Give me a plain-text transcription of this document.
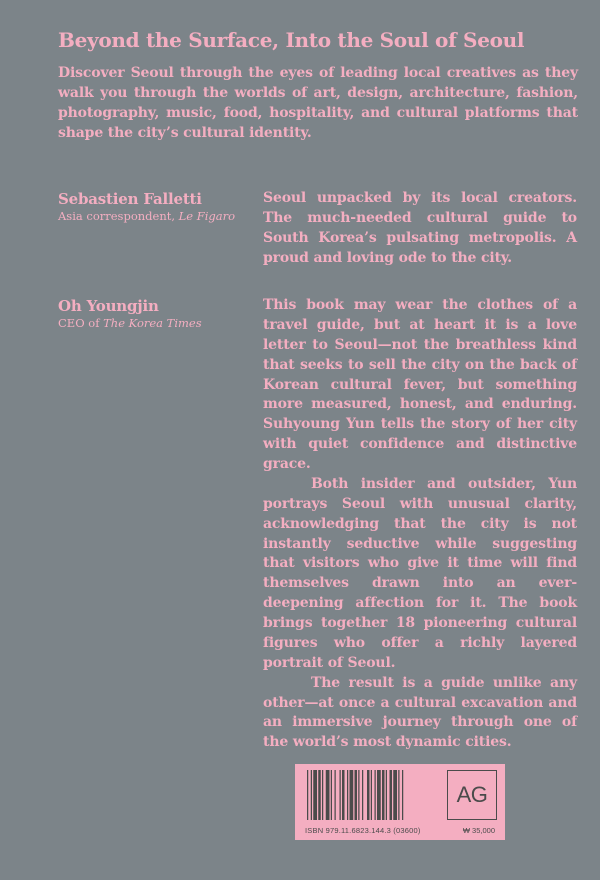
Beyond the Surface, Into the Soul of Seoul
Discover Seoul through the eyes of leading local creatives as they walk you through the worlds of art, design, architecture, fashion, photography, music, food, hospitality, and cultural platforms that shape the city’s cultural identity.
Sebastien Falletti
Asia correspondent, Le Figaro

Seoul unpacked by its local creators. The much-needed cultural guide to South Korea’s pulsating metropolis. A proud and loving ode to the city.

Oh Youngjin
CEO of The Korea Times

This book may wear the clothes of a travel guide, but at heart it is a love letter to Seoul—not the breathless kind that seeks to sell the city on the back of Korean cultural fever, but something more measured, honest, and enduring. Suhyoung Yun tells the story of her city with quiet confidence and distinctive grace.

Both insider and outsider, Yun portrays Seoul with unusual clarity, acknowledging that the city is not instantly seductive while suggesting that visitors who give it time will find themselves drawn into an ever-deepening affection for it. The book brings together 18 pioneering cultural figures who offer a richly layered portrait of Seoul.

The result is a guide unlike any other—at once a cultural excavation and an immersive journey through one of the world’s most dynamic cities.

AG
ISBN 979.11.6823.144.3 (03600)	₩ 35,000
